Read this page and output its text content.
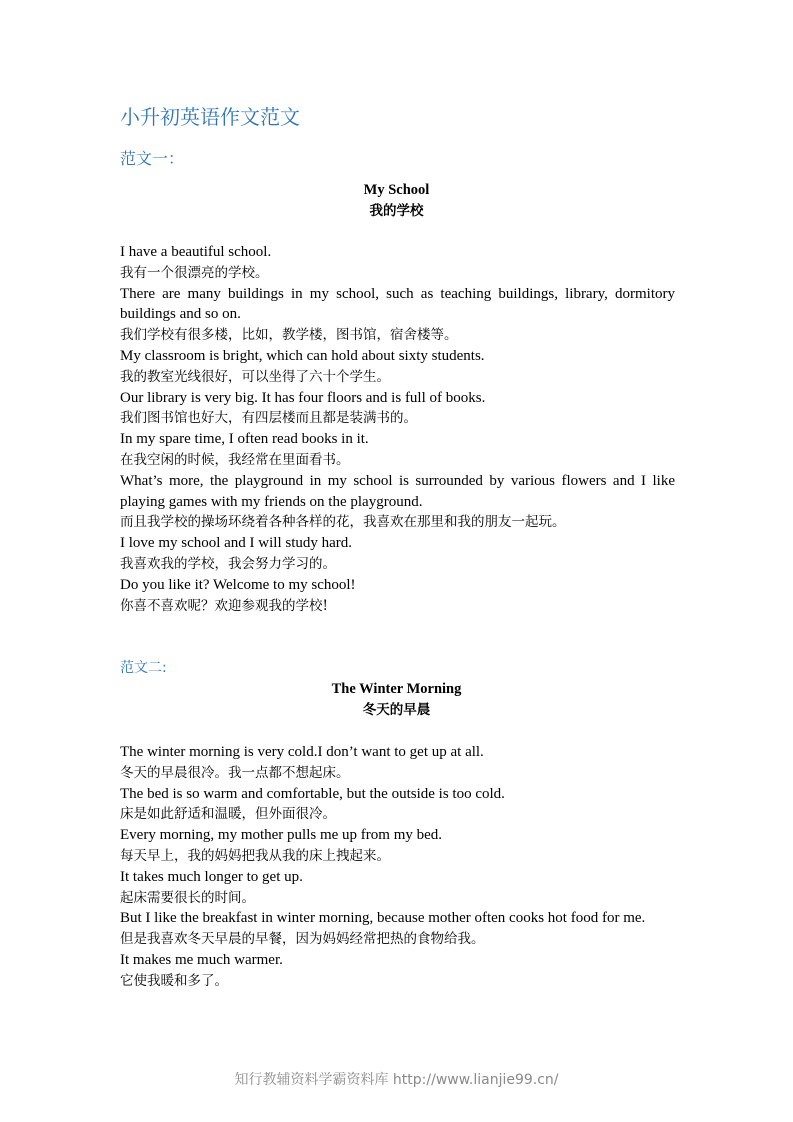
小升初英语作文范文
范文一：
My School
我的学校
I have a beautiful school.
我有一个很漂亮的学校。
There are many buildings in my school, such as teaching buildings, library, dormitory buildings and so on.
我们学校有很多楼，比如，教学楼，图书馆，宿舍楼等。
My classroom is bright, which can hold about sixty students.
我的教室光线很好，可以坐得了六十个学生。
Our library is very big. It has four floors and is full of books.
我们图书馆也好大，有四层楼而且都是装满书的。
In my spare time, I often read books in it.
在我空闲的时候，我经常在里面看书。
What’s more, the playground in my school is surrounded by various flowers and I like playing games with my friends on the playground.
而且我学校的操场环绕着各种各样的花，我喜欢在那里和我的朋友一起玩。
I love my school and I will study hard.
我喜欢我的学校，我会努力学习的。
Do you like it? Welcome to my school!
你喜不喜欢呢？欢迎参观我的学校!
范文二:
The Winter Morning
冬天的早晨
The winter morning is very cold.I don’t want to get up at all.
冬天的早晨很冷。我一点都不想起床。
The bed is so warm and comfortable, but the outside is too cold.
床是如此舒适和温暖，但外面很冷。
Every morning, my mother pulls me up from my bed.
每天早上，我的妈妈把我从我的床上拽起来。
It takes much longer to get up.
起床需要很长的时间。
But I like the breakfast in winter morning, because mother often cooks hot food for me.
但是我喜欢冬天早晨的早餐，因为妈妈经常把热的食物给我。
It makes me much warmer.
它使我暖和多了。
知行教辅资料学霸资料库 http://www.lianjie99.cn/
